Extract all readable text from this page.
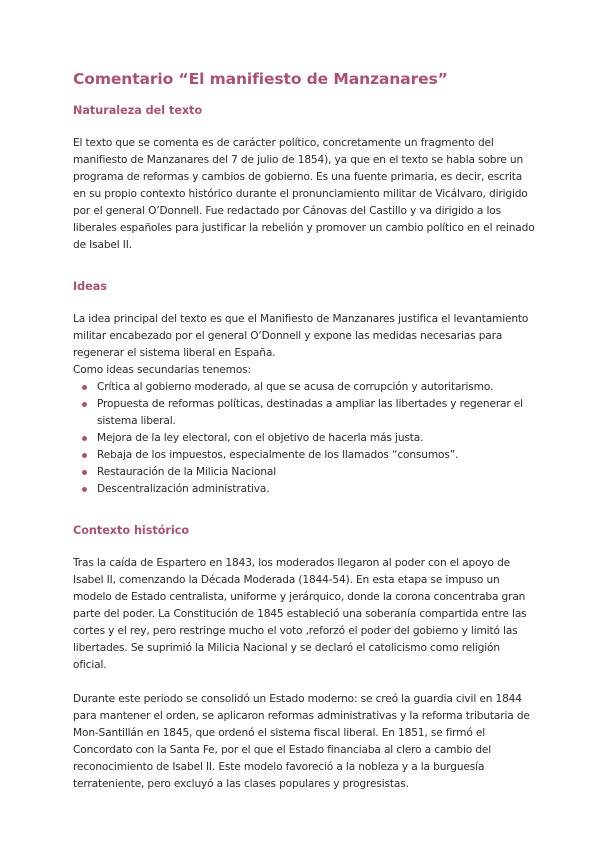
Comentario “El manifiesto de Manzanares”
Naturaleza del texto

El texto que se comenta es de carácter político, concretamente un fragmento del manifiesto de Manzanares del 7 de julio de 1854), ya que en el texto se habla sobre un programa de reformas y cambios de gobierno. Es una fuente primaria, es decir, escrita en su propio contexto histórico durante el pronunciamiento militar de Vicálvaro, dirigido por el general O’Donnell. Fue redactado por Cánovas del Castillo y va dirigido a los liberales españoles para justificar la rebelión y promover un cambio político en el reinado de Isabel II.

Ideas

La idea principal del texto es que el Manifiesto de Manzanares justifica el levantamiento militar encabezado por el general O’Donnell y expone las medidas necesarias para regenerar el sistema liberal en España.

Como ideas secundarias tenemos:

Crítica al gobierno moderado, al que se acusa de corrupción y autoritarismo.
Propuesta de reformas políticas, destinadas a ampliar las libertades y regenerar el sistema liberal.
Mejora de la ley electoral, con el objetivo de hacerla más justa.
Rebaja de los impuestos, especialmente de los llamados “consumos”.
Restauración de la Milicia Nacional
Descentralización administrativa.
Contexto histórico

Tras la caída de Espartero en 1843, los moderados llegaron al poder con el apoyo de Isabel II, comenzando la Década Moderada (1844-54). En esta etapa se impuso un modelo de Estado centralista, uniforme y jerárquico, donde la corona concentraba gran parte del poder. La Constitución de 1845 estableció una soberanía compartida entre las cortes y el rey, pero restringe mucho el voto ,reforzó el poder del gobierno y limitó las libertades. Se suprimió la Milicia Nacional y se declaró el catolicismo como religión oficial.

Durante este periodo se consolidó un Estado moderno: se creó la guardia civil en 1844 para mantener el orden, se aplicaron reformas administrativas y la reforma tributaria de Mon-Santillán en 1845, que ordenó el sistema fiscal liberal. En 1851, se firmó el Concordato con la Santa Fe, por el que el Estado financiaba al clero a cambio del reconocimiento de Isabel II. Este modelo favoreció a la nobleza y a la burguesía terrateniente, pero excluyó a las clases populares y progresistas.
